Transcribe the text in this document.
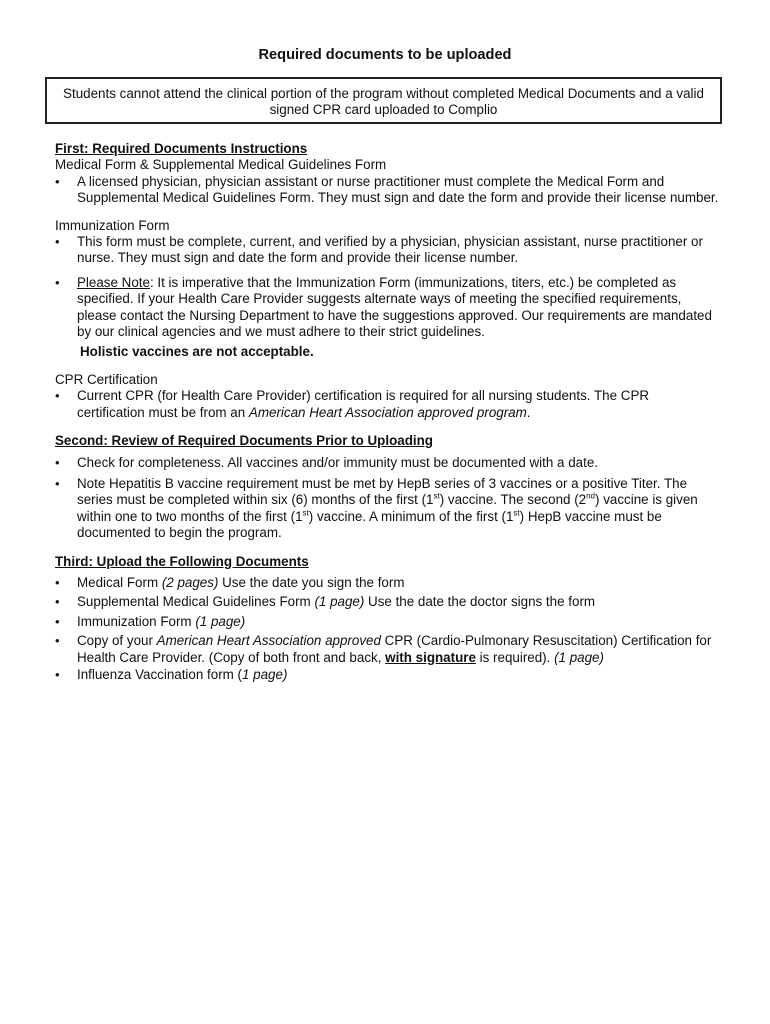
Required documents to be uploaded
Students cannot attend the clinical portion of the program without completed Medical Documents and a valid signed CPR card uploaded to Complio
First: Required Documents Instructions
Medical Form & Supplemental Medical Guidelines Form
• A licensed physician, physician assistant or nurse practitioner must complete the Medical Form and Supplemental Medical Guidelines Form. They must sign and date the form and provide their license number.
Immunization Form
• This form must be complete, current, and verified by a physician, physician assistant, nurse practitioner or nurse. They must sign and date the form and provide their license number.
• Please Note: It is imperative that the Immunization Form (immunizations, titers, etc.) be completed as specified. If your Health Care Provider suggests alternate ways of meeting the specified requirements, please contact the Nursing Department to have the suggestions approved. Our requirements are mandated by our clinical agencies and we must adhere to their strict guidelines.
Holistic vaccines are not acceptable.
CPR Certification
• Current CPR (for Health Care Provider) certification is required for all nursing students. The CPR certification must be from an American Heart Association approved program.
Second: Review of Required Documents Prior to Uploading
• Check for completeness. All vaccines and/or immunity must be documented with a date.
• Note Hepatitis B vaccine requirement must be met by HepB series of 3 vaccines or a positive Titer. The series must be completed within six (6) months of the first (1st) vaccine. The second (2nd) vaccine is given within one to two months of the first (1st) vaccine. A minimum of the first (1st) HepB vaccine must be documented to begin the program.
Third: Upload the Following Documents
• Medical Form (2 pages) Use the date you sign the form
• Supplemental Medical Guidelines Form (1 page) Use the date the doctor signs the form
• Immunization Form (1 page)
• Copy of your American Heart Association approved CPR (Cardio-Pulmonary Resuscitation) Certification for Health Care Provider. (Copy of both front and back, with signature is required). (1 page)
• Influenza Vaccination form (1 page)
